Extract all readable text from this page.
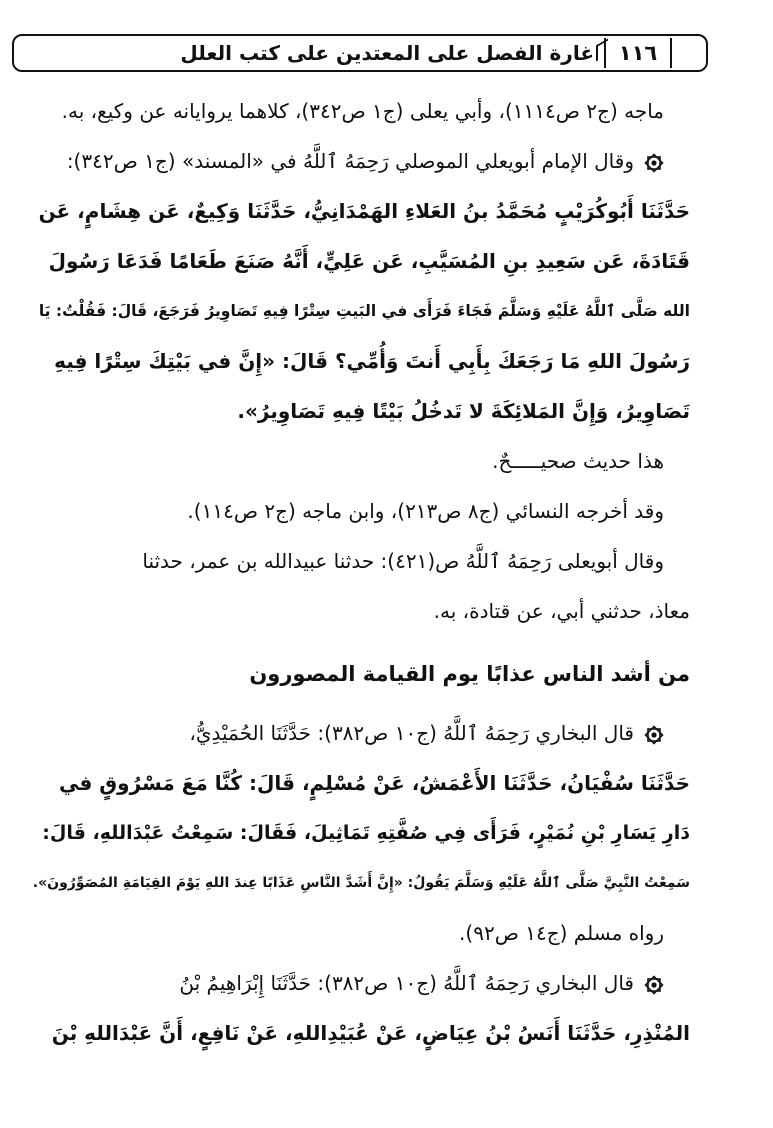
١١٦
غارة الفصل على المعتدين على كتب العلل
ماجه (ج٢ ص١١١٤)، وأبي يعلى (ج١ ص٣٤٢)، كلاهما يروايانه عن وكيع، به.
وقال الإمام أبويعلي الموصلي رَحِمَهُ ٱللَّهُ في «المسند» (ج١ ص٣٤٢):
حَدَّثَنَا أَبُوكُرَيْبٍ مُحَمَّدُ بنُ العَلاءِ الهَمْدَانِيُّ، حَدَّثَنَا وَكِيعٌ، عَن هِشَامٍ، عَن
قَتَادَةَ، عَن سَعِيدِ بنِ المُسَيَّبِ، عَن عَلِيٍّ، أَنَّهُ صَنَعَ طَعَامًا فَدَعَا رَسُولَ
الله صَلَّى ٱللَّهُ عَلَيْهِ وَسَلَّمَ فَجَاءَ فَرَأَى في البَيتِ سِتْرًا فِيهِ تَصَاوِيرُ فَرَجَعَ، قَالَ: فَقُلْتُ: يَا
رَسُولَ اللهِ مَا رَجَعَكَ بِأَبِي أَنتَ وَأُمِّي؟ قَالَ: «إِنَّ في بَيْتِكَ سِتْرًا فِيهِ
تَصَاوِيرُ، وَإِنَّ المَلائِكَةَ لا تَدخُلُ بَيْتًا فِيهِ تَصَاوِيرُ».
هذا حديث صحيـــــحٌ.
وقد أخرجه النسائي (ج٨ ص٢١٣)، وابن ماجه (ج٢ ص١١٤).
وقال أبويعلى رَحِمَهُ ٱللَّهُ ص(٤٢١): حدثنا عبيدالله بن عمر، حدثنا
معاذ، حدثني أبي، عن قتادة، به.
من أشد الناس عذابًا يوم القيامة المصورون
قال البخاري رَحِمَهُ ٱللَّهُ (ج١٠ ص٣٨٢): حَدَّثَنَا الحُمَيْدِيُّ،
حَدَّثَنَا سُفْيَانُ، حَدَّثَنَا الأَعْمَشُ، عَنْ مُسْلِمٍ، قَالَ: كُنَّا مَعَ مَسْرُوقٍ في
دَارِ يَسَارِ بْنِ نُمَيْرٍ، فَرَأَى فِي صُفَّتِهِ تَمَاثِيلَ، فَقَالَ: سَمِعْتُ عَبْدَاللهِ، قَالَ:
سَمِعْتُ النَّبِيَّ صَلَّى ٱللَّهُ عَلَيْهِ وَسَلَّمَ يَقُولُ: «إِنَّ أَشَدَّ النَّاسِ عَذَابًا عِندَ اللهِ يَوْمَ القِيَامَةِ المُصَوِّرُونَ».
رواه مسلم (ج١٤ ص٩٢).
قال البخاري رَحِمَهُ ٱللَّهُ (ج١٠ ص٣٨٢): حَدَّثَنَا إِبْرَاهِيمُ بْنُ
المُنْذِرِ، حَدَّثَنَا أَنَسُ بْنُ عِيَاضٍ، عَنْ عُبَيْدِاللهِ، عَنْ نَافِعٍ، أَنَّ عَبْدَاللهِ بْنَ
